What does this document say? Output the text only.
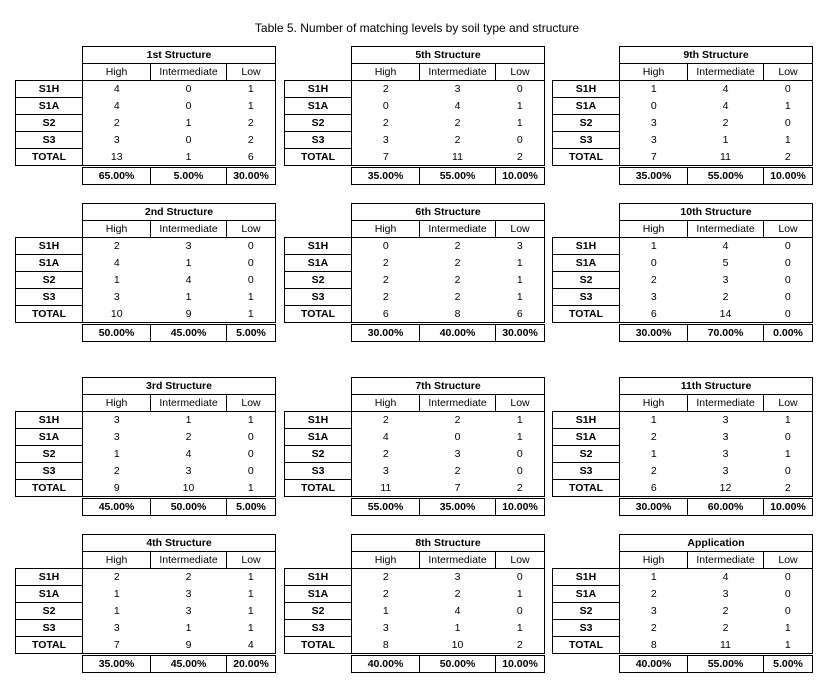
Table 5. Number of matching levels by soil type and structure
	1st Structure		
	High	Intermediate	Low
S1H	4	0	1
S1A	4	0	1
S2	2	1	2
S3	3	0	2
TOTAL	13	1	6

	65.00%	5.00%	30.00%
	5th Structure		
	High	Intermediate	Low
S1H	2	3	0
S1A	0	4	1
S2	2	2	1
S3	3	2	0
TOTAL	7	11	2

	35.00%	55.00%	10.00%
	9th Structure		
	High	Intermediate	Low
S1H	1	4	0
S1A	0	4	1
S2	3	2	0
S3	3	1	1
TOTAL	7	11	2

	35.00%	55.00%	10.00%
	2nd Structure		
	High	Intermediate	Low
S1H	2	3	0
S1A	4	1	0
S2	1	4	0
S3	3	1	1
TOTAL	10	9	1

	50.00%	45.00%	5.00%
	6th Structure		
	High	Intermediate	Low
S1H	0	2	3
S1A	2	2	1
S2	2	2	1
S3	2	2	1
TOTAL	6	8	6

	30.00%	40.00%	30.00%
	10th Structure		
	High	Intermediate	Low
S1H	1	4	0
S1A	0	5	0
S2	2	3	0
S3	3	2	0
TOTAL	6	14	0

	30.00%	70.00%	0.00%
	3rd Structure		
	High	Intermediate	Low
S1H	3	1	1
S1A	3	2	0
S2	1	4	0
S3	2	3	0
TOTAL	9	10	1

	45.00%	50.00%	5.00%
	7th Structure		
	High	Intermediate	Low
S1H	2	2	1
S1A	4	0	1
S2	2	3	0
S3	3	2	0
TOTAL	11	7	2

	55.00%	35.00%	10.00%
	11th Structure		
	High	Intermediate	Low
S1H	1	3	1
S1A	2	3	0
S2	1	3	1
S3	2	3	0
TOTAL	6	12	2

	30.00%	60.00%	10.00%
	4th Structure		
	High	Intermediate	Low
S1H	2	2	1
S1A	1	3	1
S2	1	3	1
S3	3	1	1
TOTAL	7	9	4

	35.00%	45.00%	20.00%
	8th Structure		
	High	Intermediate	Low
S1H	2	3	0
S1A	2	2	1
S2	1	4	0
S3	3	1	1
TOTAL	8	10	2

	40.00%	50.00%	10.00%
	Application		
	High	Intermediate	Low
S1H	1	4	0
S1A	2	3	0
S2	3	2	0
S3	2	2	1
TOTAL	8	11	1

	40.00%	55.00%	5.00%
